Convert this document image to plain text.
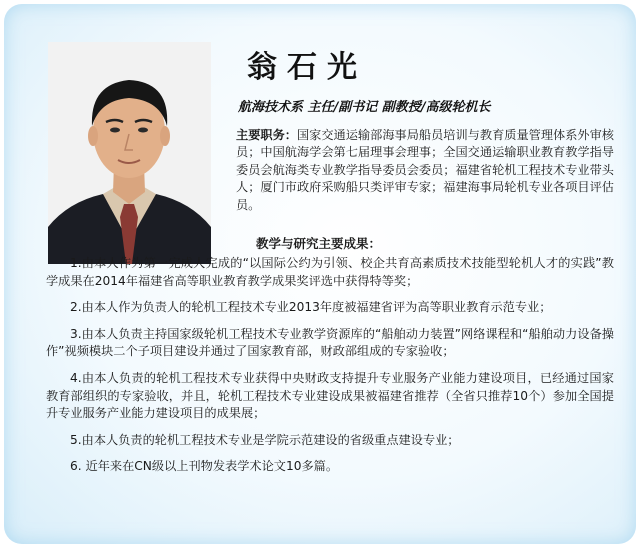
翁石光
航海技术系 主任/副书记 副教授/高级轮机长
主要职务：国家交通运输部海事局船员培训与教育质量管理体系外审核员；中国航海学会第七届理事会理事；全国交通运输职业教育教学指导委员会航海类专业教学指导委员会委员；福建省轮机工程技术专业带头人；厦门市政府采购船只类评审专家；福建海事局轮机专业各项目评估员。
教学与研究主要成果：

1.由本人作为第一完成人完成的“以国际公约为引领、校企共育高素质技术技能型轮机人才的实践”教学成果在2014年福建省高等职业教育教学成果奖评选中获得特等奖；

2.由本人作为负责人的轮机工程技术专业2013年度被福建省评为高等职业教育示范专业；

3.由本人负责主持国家级轮机工程技术专业教学资源库的“船舶动力装置”网络课程和“船舶动力设备操作”视频模块二个子项目建设并通过了国家教育部，财政部组成的专家验收；

4.由本人负责的轮机工程技术专业获得中央财政支持提升专业服务产业能力建设项目，已经通过国家教育部组织的专家验收，并且，轮机工程技术专业建设成果被福建省推荐（全省只推荐10个）参加全国提升专业服务产业能力建设项目的成果展；

5.由本人负责的轮机工程技术专业是学院示范建设的省级重点建设专业；

6. 近年来在CN级以上刊物发表学术论文10多篇。
